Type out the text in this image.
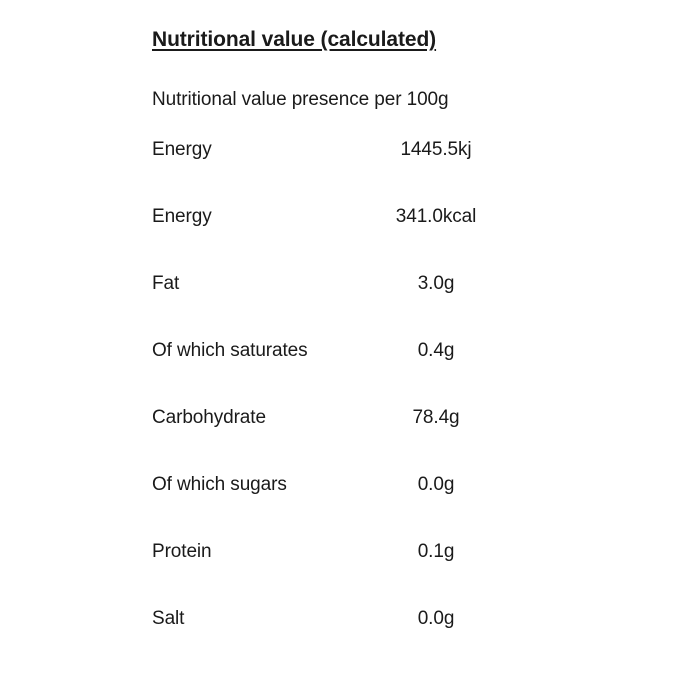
Nutritional value (calculated)
Nutritional value presence per 100g
Energy	1445.5kj
Energy	341.0kcal
Fat	3.0g
Of which saturates	0.4g
Carbohydrate	78.4g
Of which sugars	0.0g
Protein	0.1g
Salt	0.0g
